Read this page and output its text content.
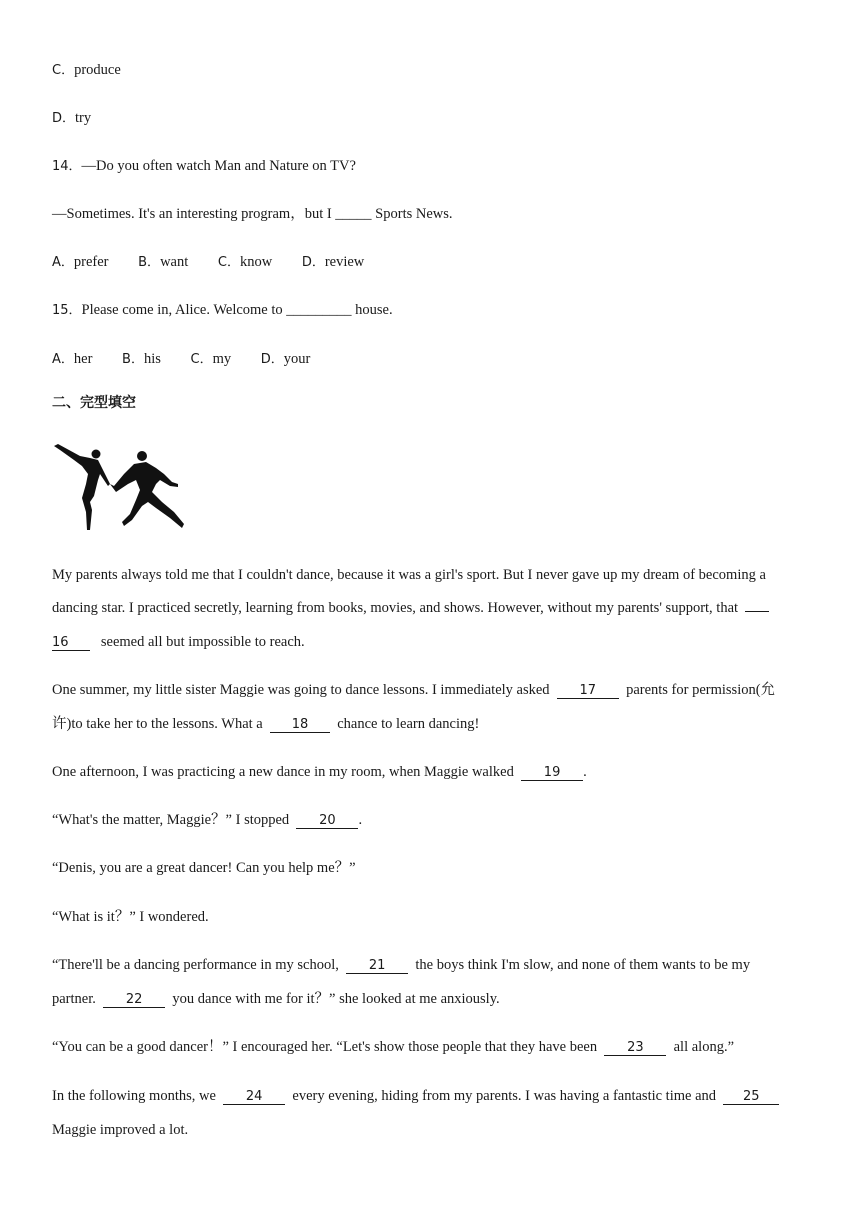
C．produce
D．try
14．—Do you often watch Man and Nature on TV?
—Sometimes. It's an interesting program，but I _____ Sports News.
A．prefer B．want C．know D．review
15．Please come in, Alice. Welcome to _________ house.
A．her B．his C．my D．your
二、完型填空
My parents always told me that I couldn't dance, because it was a girl's sport. But I never gave up my dream of becoming a
dancing star. I practiced secretly, learning from books, movies, and shows. However, without my parents' support, that
16 seemed all but impossible to reach.
One summer, my little sister Maggie was going to dance lessons. I immediately asked 17 parents for permission(允
许)to take her to the lessons. What a 18 chance to learn dancing!
One afternoon, I was practicing a new dance in my room, when Maggie walked 19 .
“What's the matter, Maggie？” I stopped 20 .
“Denis, you are a great dancer! Can you help me？”
“What is it？” I wondered.
“There'll be a dancing performance in my school, 21 the boys think I'm slow, and none of them wants to be my
partner. 22 you dance with me for it？” she looked at me anxiously.
“You can be a good dancer！” I encouraged her. “Let's show those people that they have been 23 all along.”
In the following months, we 24 every evening, hiding from my parents. I was having a fantastic time and 25
Maggie improved a lot.
